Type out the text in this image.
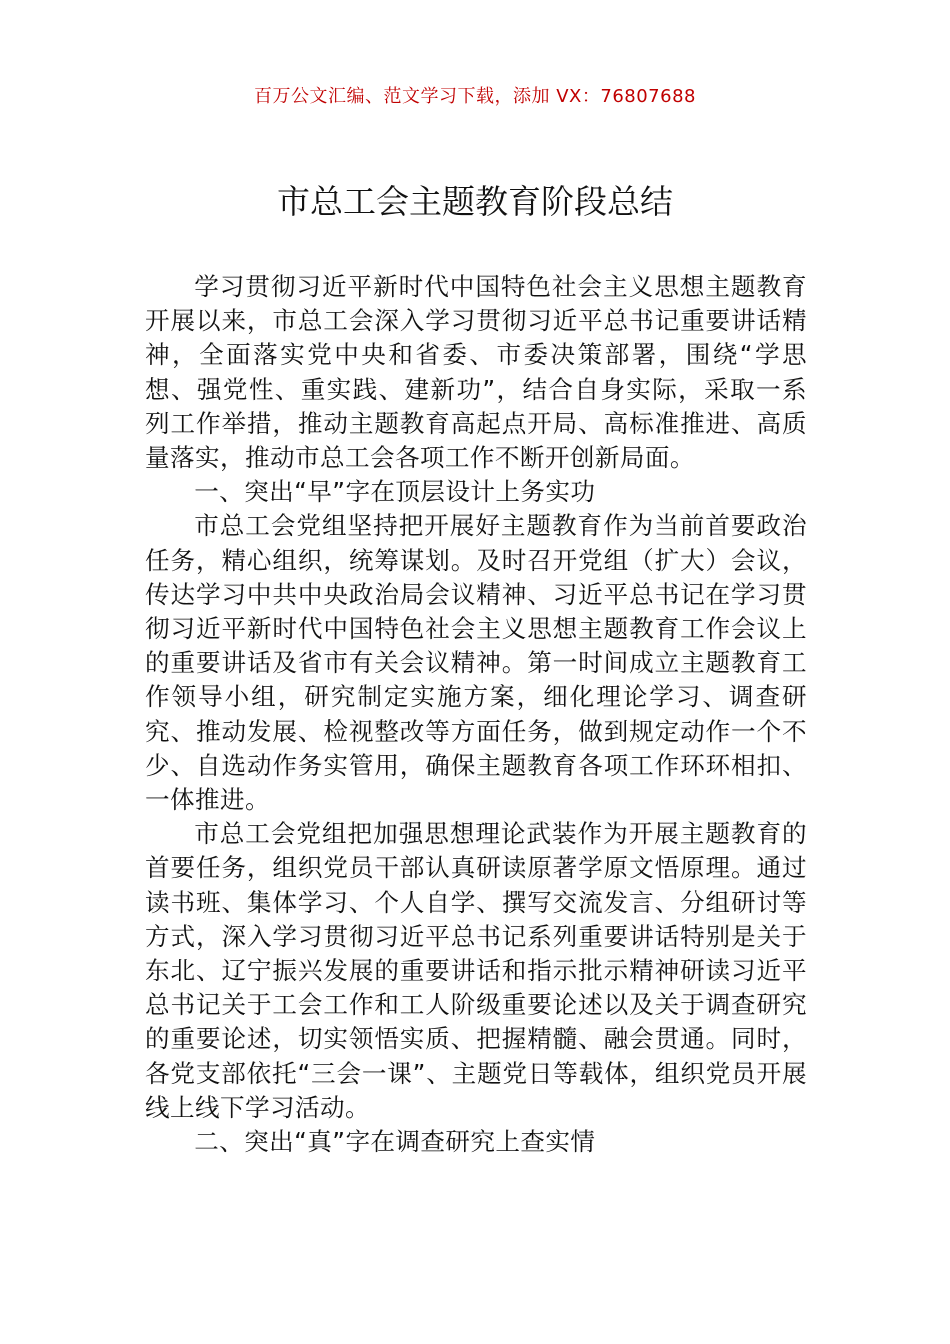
百万公文汇编、范文学习下载，添加 VX：76807688
市总工会主题教育阶段总结

学习贯彻习近平新时代中国特色社会主义思想主题教育开展以来，市总工会深入学习贯彻习近平总书记重要讲话精神，全面落实党中央和省委、市委决策部署，围绕“学思想、强党性、重实践、建新功”，结合自身实际，采取一系列工作举措，推动主题教育高起点开局、高标准推进、高质量落实，推动市总工会各项工作不断开创新局面。

一、突出“早”字在顶层设计上务实功

市总工会党组坚持把开展好主题教育作为当前首要政治任务，精心组织，统筹谋划。及时召开党组（扩大）会议，传达学习中共中央政治局会议精神、习近平总书记在学习贯彻习近平新时代中国特色社会主义思想主题教育工作会议上的重要讲话及省市有关会议精神。第一时间成立主题教育工作领导小组，研究制定实施方案，细化理论学习、调查研究、推动发展、检视整改等方面任务，做到规定动作一个不少、自选动作务实管用，确保主题教育各项工作环环相扣、一体推进。

市总工会党组把加强思想理论武装作为开展主题教育的首要任务，组织党员干部认真研读原著学原文悟原理。通过读书班、集体学习、个人自学、撰写交流发言、分组研讨等方式，深入学习贯彻习近平总书记系列重要讲话特别是关于东北、辽宁振兴发展的重要讲话和指示批示精神研读习近平总书记关于工会工作和工人阶级重要论述以及关于调查研究的重要论述，切实领悟实质、把握精髓、融会贯通。同时，各党支部依托“三会一课”、主题党日等载体，组织党员开展线上线下学习活动。

二、突出“真”字在调查研究上查实情
